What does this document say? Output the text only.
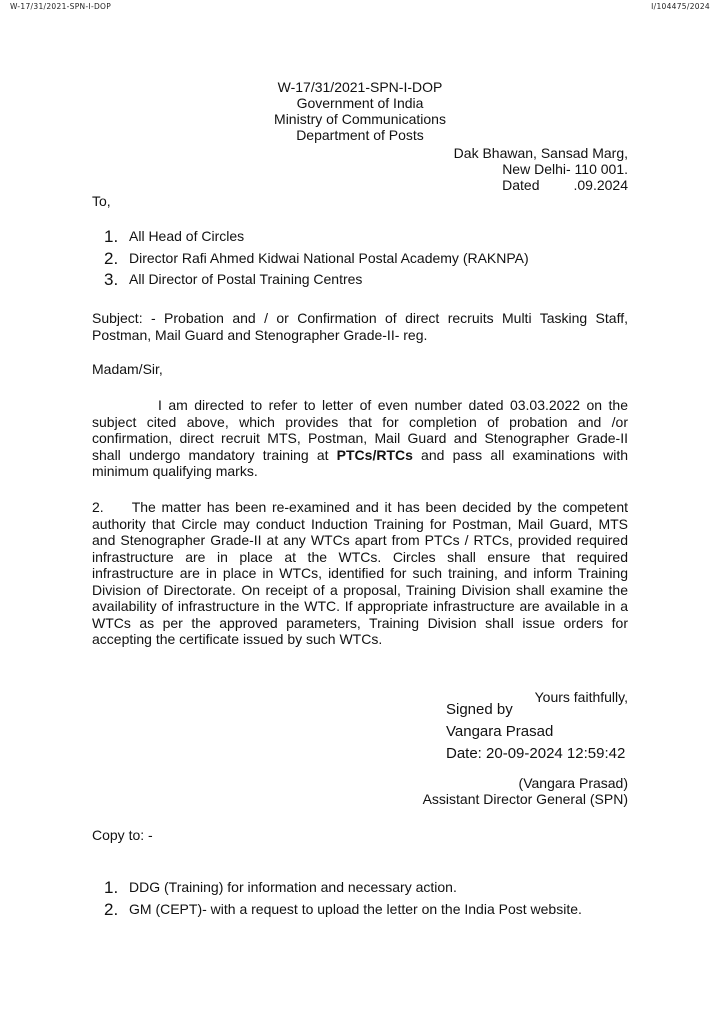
W-17/31/2021-SPN-I-DOP	I/104475/2024
W-17/31/2021-SPN-I-DOP
Government of India
Ministry of Communications
Department of Posts
Dak Bhawan, Sansad Marg,
New Delhi- 110 001.
Dated .09.2024
To,
1. All Head of Circles
2. Director Rafi Ahmed Kidwai National Postal Academy (RAKNPA)
3. All Director of Postal Training Centres
Subject: - Probation and / or Confirmation of direct recruits Multi Tasking Staff, Postman, Mail Guard and Stenographer Grade-II- reg.
Madam/Sir,
I am directed to refer to letter of even number dated 03.03.2022 on the subject cited above, which provides that for completion of probation and /or confirmation, direct recruit MTS, Postman, Mail Guard and Stenographer Grade-II shall undergo mandatory training at PTCs/RTCs and pass all examinations with minimum qualifying marks.
2. The matter has been re-examined and it has been decided by the competent authority that Circle may conduct Induction Training for Postman, Mail Guard, MTS and Stenographer Grade-II at any WTCs apart from PTCs / RTCs, provided required infrastructure are in place at the WTCs. Circles shall ensure that required infrastructure are in place in WTCs, identified for such training, and inform Training Division of Directorate. On receipt of a proposal, Training Division shall examine the availability of infrastructure in the WTC. If appropriate infrastructure are available in a WTCs as per the approved parameters, Training Division shall issue orders for accepting the certificate issued by such WTCs.
Yours faithfully,
Signed by
Vangara Prasad
Date: 20-09-2024 12:59:42
(Vangara Prasad)
Assistant Director General (SPN)
Copy to: -
1. DDG (Training) for information and necessary action.
2. GM (CEPT)- with a request to upload the letter on the India Post website.
